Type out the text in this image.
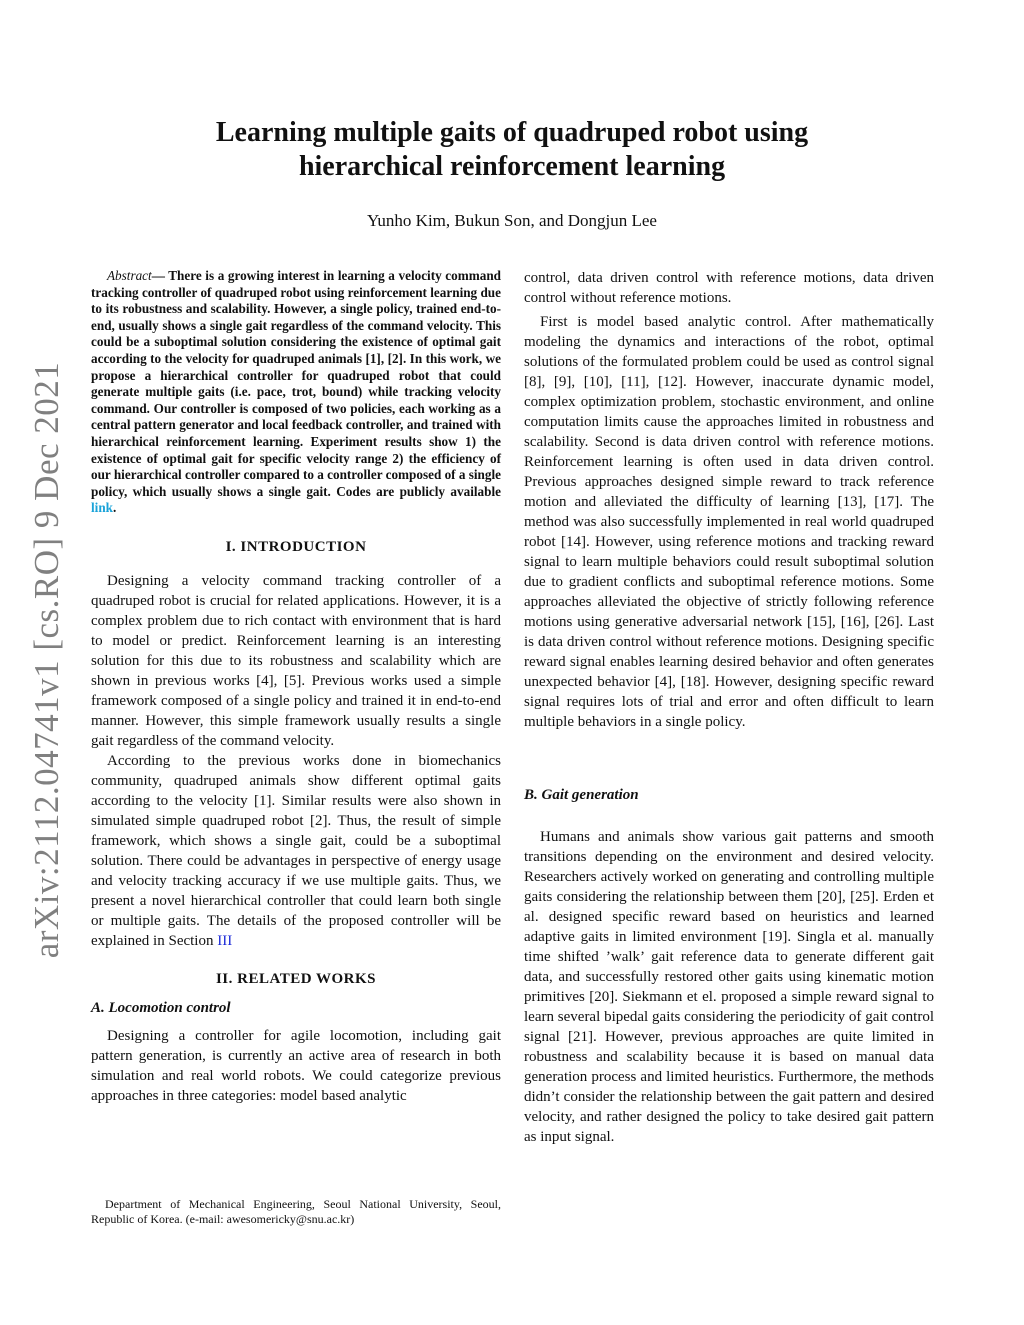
arXiv:2112.04741v1 [cs.RO] 9 Dec 2021
Learning multiple gaits of quadruped robot using
hierarchical reinforcement learning
Yunho Kim, Bukun Son, and Dongjun Lee

Abstract— There is a growing interest in learning a velocity command tracking controller of quadruped robot using reinforcement learning due to its robustness and scalability. However, a single policy, trained end-to-end, usually shows a single gait regardless of the command velocity. This could be a suboptimal solution considering the existence of optimal gait according to the velocity for quadruped animals [1], [2]. In this work, we propose a hierarchical controller for quadruped robot that could generate multiple gaits (i.e. pace, trot, bound) while tracking velocity command. Our controller is composed of two policies, each working as a central pattern generator and local feedback controller, and trained with hierarchical reinforcement learning. Experiment results show 1) the existence of optimal gait for specific velocity range 2) the efficiency of our hierarchical controller compared to a controller composed of a single policy, which usually shows a single gait. Codes are publicly available link.

I. INTRODUCTION

Designing a velocity command tracking controller of a quadruped robot is crucial for related applications. However, it is a complex problem due to rich contact with environment that is hard to model or predict. Reinforcement learning is an interesting solution for this due to its robustness and scalability which are shown in previous works [4], [5]. Previous works used a simple framework composed of a single policy and trained it in end-to-end manner. However, this simple framework usually results a single gait regardless of the command velocity.

According to the previous works done in biomechanics community, quadruped animals show different optimal gaits according to the velocity [1]. Similar results were also shown in simulated simple quadruped robot [2]. Thus, the result of simple framework, which shows a single gait, could be a suboptimal solution. There could be advantages in perspective of energy usage and velocity tracking accuracy if we use multiple gaits. Thus, we present a novel hierarchical controller that could learn both single or multiple gaits. The details of the proposed controller will be explained in Section III

II. RELATED WORKS
A. Locomotion control

Designing a controller for agile locomotion, including gait pattern generation, is currently an active area of research in both simulation and real world robots. We could categorize previous approaches in three categories: model based analytic

Department of Mechanical Engineering, Seoul National University, Seoul, Republic of Korea. (e-mail: awesomericky@snu.ac.kr)

control, data driven control with reference motions, data driven control without reference motions.

First is model based analytic control. After mathematically modeling the dynamics and interactions of the robot, optimal solutions of the formulated problem could be used as control signal [8], [9], [10], [11], [12]. However, inaccurate dynamic model, complex optimization problem, stochastic environment, and online computation limits cause the approaches limited in robustness and scalability. Second is data driven control with reference motions. Reinforcement learning is often used in data driven control. Previous approaches designed simple reward to track reference motion and alleviated the difficulty of learning [13], [17]. The method was also successfully implemented in real world quadruped robot [14]. However, using reference motions and tracking reward signal to learn multiple behaviors could result suboptimal solution due to gradient conflicts and suboptimal reference motions. Some approaches alleviated the objective of strictly following reference motions using generative adversarial network [15], [16], [26]. Last is data driven control without reference motions. Designing specific reward signal enables learning desired behavior and often generates unexpected behavior [4], [18]. However, designing specific reward signal requires lots of trial and error and often difficult to learn multiple behaviors in a single policy.

B. Gait generation

Humans and animals show various gait patterns and smooth transitions depending on the environment and desired velocity. Researchers actively worked on generating and controlling multiple gaits considering the relationship between them [20], [25]. Erden et al. designed specific reward based on heuristics and learned adaptive gaits in limited environment [19]. Singla et al. manually time shifted ’walk’ gait reference data to generate different gait data, and successfully restored other gaits using kinematic motion primitives [20]. Siekmann et el. proposed a simple reward signal to learn several bipedal gaits considering the periodicity of gait control signal [21]. However, previous approaches are quite limited in robustness and scalability because it is based on manual data generation process and limited heuristics. Furthermore, the methods didn’t consider the relationship between the gait pattern and desired velocity, and rather designed the policy to take desired gait pattern as input signal.
